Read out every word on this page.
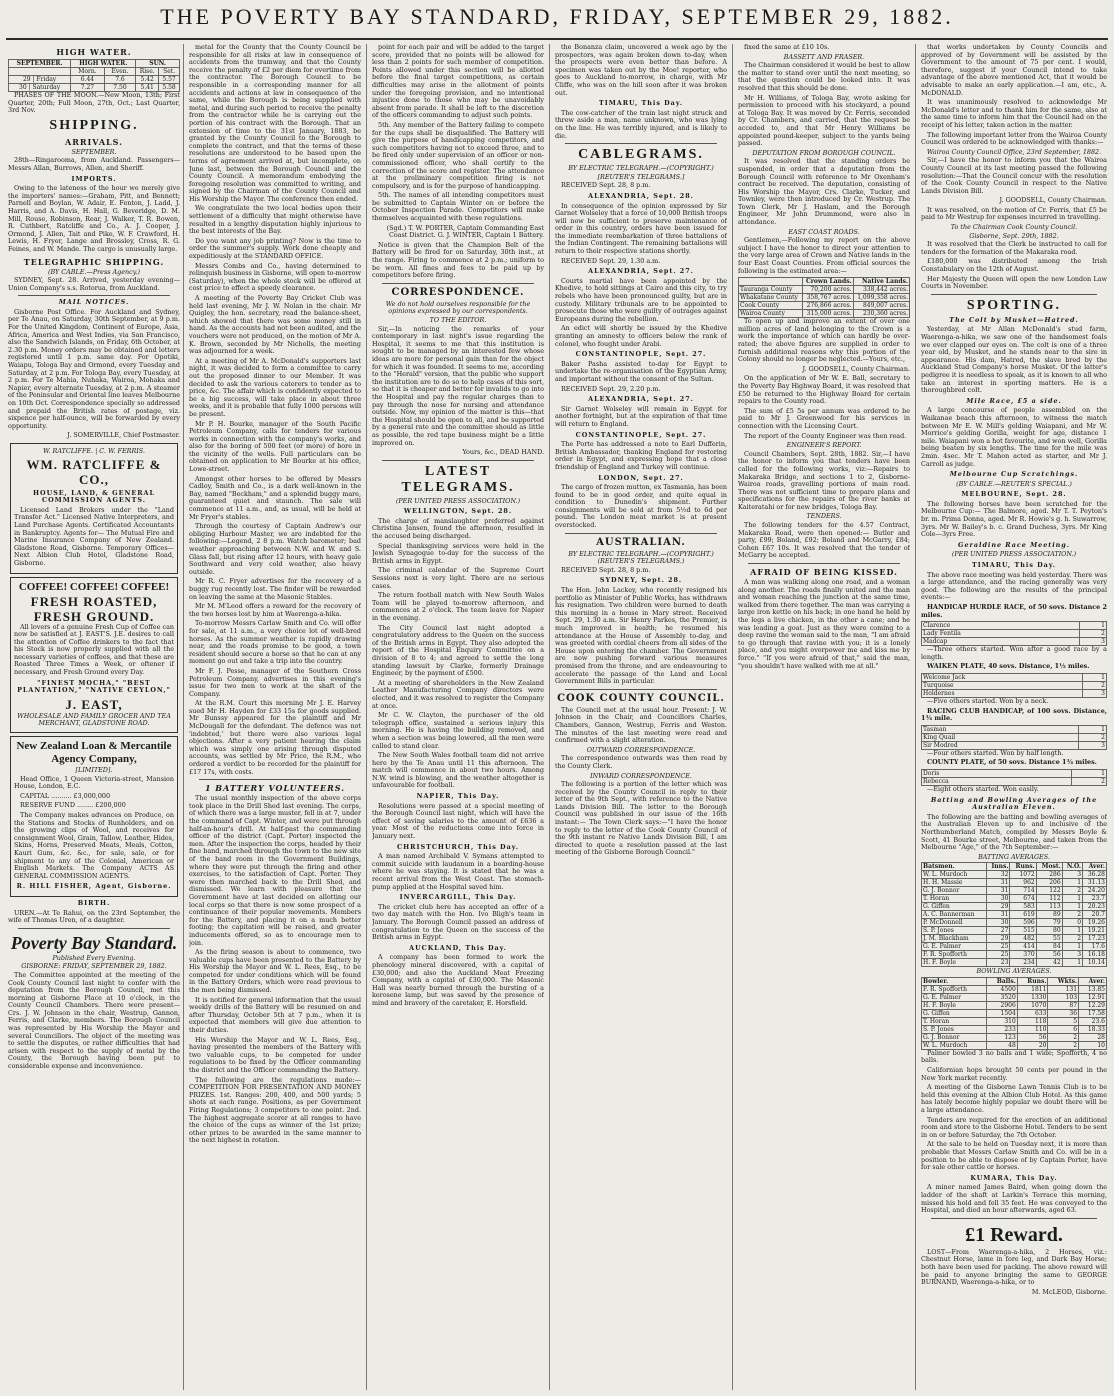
THE POVERTY BAY STANDARD, FRIDAY, SEPTEMBER 29, 1882.
HIGH WATER.
SEPTEMBER.	HIGH WATER.		SUN.	
	Morn.	Even.	Rise.	Set.
29 | Friday	6.44	7.6	5.42	5.57
30 | Saturday	7.27	7.50	5.41	5.58

PHASES OF THE MOON.—New Moon, 13th; First Quarter, 20th; Full Moon, 27th, Oct.; Last Quarter, 3rd Nov.

SHIPPING.
ARRIVALS.
SEPTEMBER.

28th—Ringarooma, from Auckland. Passengers—Messrs Allan, Burrows, Allen, and Sheriff.

IMPORTS.

Owing to the lateness of the hour we merely give the importers' names:—Graham, Pitt, and Bennett; Parnell and Boylan, W. Adair, E. Fenton, J. Ladd, J. Harris, and A. Davis, H. Hall, G. Beveridge, D. M. Mill, Rouse, Robinson, Rear, J. Walker, T. R. Bowen, R. Cuthbert, Ratcliffe and Co., A. J. Cooper, J. Ormond, J. Allen, Tait and Pike, W. F. Crawford, H. Lewis, H. Fryer, Lange and Brossley, Cross, R. G. Feines, and W. Mande. The cargo is unusually large.

TELEGRAPHIC SHIPPING.
(BY CABLE.—Press Agency.)

SYDNEY, Sept. 28. Arrived, yesterday evening—Union Company's s.s. Rotorua, from Auckland.

MAIL NOTICES.

Gisborne Post Office. For Auckland and Sydney, per Te Anau, on Saturday, 30th September, at 9 p.m. For the United Kingdom, Continent of Europe, Asia, Africa, America and West Indies, via San Francisco, also the Sandwich Islands, on Friday, 6th October, at 2.30 p.m. Money orders may be obtained and letters registered until 1 p.m. same day. For Opotiki, Waiapu, Tologa Bay and Ormond, every Tuesday and Saturday, at 2 p.m. For Tologa Bay, every Tuesday, at 2 p.m. For Te Mahia, Nuhaka, Wairoa, Mohaka and Napier, every alternate Tuesday, at 2 p.m. A steamer of the Peninsular and Oriental line leaves Melbourne on 10th Oct. Correspondence specially so addressed and prepaid the British rates of postage, viz. sixpence per half-ounce, will be forwarded by every opportunity.

J. SOMERVILLE, Chief Postmaster.

W. RATCLIFFE. | C. W. FERRIS.
WM. RATCLIFFE & CO.,
HOUSE, LAND, & GENERAL COMMISSION AGENTS.

Licensed Land Brokers under the "Land Transfer Act." Licensed Native Interpreters, and Land Purchase Agents. Certificated Accountants in Bankruptcy. Agents for— The Mutual Fire and Marine Insurance Company of New Zealand. Gladstone Road, Gisborne. Temporary Offices—Next Albion Club Hotel, Gladstone Road, Gisborne.

COFFEE! COFFEE! COFFEE!
FRESH ROASTED, FRESH GROUND.

All lovers of a genuine Fresh Cup of Coffee can now be satisfied at J. EAST'S. J.E. desires to call the attention of Coffee drinkers to the fact that his Stock is now properly supplied with all the necessary varieties of coffees, and that these are Roasted Three Times a Week, or oftener if necessary, and Fresh Ground every Day.

"FINEST MOCHA," "BEST PLANTATION," "NATIVE CEYLON,"
J. EAST,
WHOLESALE AND FAMILY GROCER AND TEA MERCHANT, GLADSTONE ROAD.
New Zealand Loan & Mercantile Agency Company,
[LIMITED].

Head Office, 1 Queen Victoria-street, Mansion House, London, E.C.

CAPITAL .......... £3,000,000

RESERVE FUND ........ £200,000

The Company makes advances on Produce, on the Stations and Stocks of Runholders, and on the growing clips of Wool, and receives for consignment Wool, Grain, Tallow, Leather, Hides, Skins, Horns, Preserved Meats, Meals, Cotton, Kauri Gum, &c. &c., for sale, sale, or for shipment to any of the Colonial, American or English Markets. The Company ACTS AS GENERAL COMMISSION AGENTS.

R. HILL FISHER, Agent, Gisborne.
BIRTH.

UREN.—At Te Rahui, on the 23rd September, the wife of Thomas Uren, of a daughter.

Poverty Bay Standard.
Published Every Evening.
GISBORNE: FRIDAY, SEPTEMBER 29, 1882.

The Committee appointed at the meeting of the Cook County Council last night to confer with the deputation from the Borough Council, met this morning at Gisborne Place at 10 o'clock, in the County Council Chambers. There were present—Crs. J. W. Johnson in the chair, Westrup, Gannon, Ferris, and Clarke, members. The Borough Council was represented by His Worship the Mayor and several Councillors. The object of the meeting was to settle the disputes, or rather difficulties that had arisen with respect to the supply of metal by the County, the Borough having been put to considerable expense and inconvenience.

metal for the County that the County Council be responsible for all risks at law in consequence of accidents from the tramway, and that the County receive the penalty of £2 per diem for overtime from the contractor. The Borough Council to be responsible in a corresponding manner for all accidents and actions at law in consequence of the same, while the Borough is being supplied with metal, and during such period to receive the penalty from the contractor while he is carrying out the portion of his contract with the Borough. That an extension of time to the 31st January, 1883, be granted by the County Council to the Borough to complete the contract, and that the terms of these resolutions are understood to be based upon the terms of agreement arrived at, but incomplete, on June last, between the Borough Council and the County Council. A memorandum embodying the foregoing resolution was committed to writing, and signed by the Chairman of the County Council and His Worship the Mayor. The conference then ended.

We congratulate the two local bodies upon their settlement of a difficulty that might otherwise have resulted in a lengthy disputation highly injurious to the best interests of the Bay.

Do you want any job printing? Now is the time to order the summer's supply. Work done cheaply and expeditiously at the STANDARD OFFICE.

Messrs Combs and Co., having determined to relinquish business in Gisborne, will open to-morrow (Saturday), when the whole stock will be offered at cost price to effect a speedy clearance.

A meeting of the Poverty Bay Cricket Club was held last evening, Mr J. W. Nolan in the chair. Mr Quigley, the hon. secretary, read the balance-sheet, which showed that there was some money still in hand. As the accounts had not been audited, and the vouchers were not produced, on the motion of Mr A. K. Brown, seconded by Mr Nicholls, the meeting was adjourned for a week.

At a meeting of Mr A. McDonald's supporters last night, it was decided to form a committee to carry out the proposed dinner to our Member. It was decided to ask the various caterers to tender as to price, &c. The affair which is confidently expected to be a big success, will take place in about three weeks, and it is probable that fully 1000 persons will be present.

Mr P. H. Bourke, manager of the South Pacific Petroleum Company, calls for tenders for various works in connection with the company's works, and also for the boring of 500 feet (or more) of bore in the vicinity of the wells. Full particulars can be obtained on application to Mr Bourke at his office, Lowe-street.

Amongst other horses to be offered by Messrs Cadley, Smith and Co., is a dark well-known in the Bay, named "Beckham," and a splendid buggy mare, guaranteed quiet and staunch. The sale will commence at 11 a.m., and, as usual, will be held at Mr Fryer's stables.

Through the courtesy of Captain Andrew's our obliging Harbour Master, we are indebted for the following:—Legend, 2 8 p.m. Watch barometer; bad weather approaching between N.W. and W. and S. Glass fall, but rising after 12 hours, with heavy gale Southward and very cold weather, also heavy outside.

Mr R. C. Fryer advertises for the recovery of a buggy rug recently lost. The finder will be rewarded on leaving the same at the Masonic Stables.

Mr M. M'Leod offers a reward for the recovery of the two horses lost by him at Waerenga-a-hika.

To-morrow Messrs Carlaw Smith and Co. will offer for sale, at 11 a.m., a very choice lot of well-bred horses. As the summer weather is rapidly drawing near, and the roads promise to be good, a town resident should secure a horse so that he can at any moment go out and take a trip into the country.

Mr F. J. Pesse, manager of the Southern Cross Petroleum Company, advertises in this evening's issue for two men to work at the shaft of the Company.

At the R.M. Court this morning Mr J. E. Harvey sued Mr H. Hayden for £33 15s for goods supplied. Mr Bunssy appeared for the plaintiff and Mr McDougall for the defendant. The defence was not 'indebted,' but there were also various legal objections. After a very patient hearing the claim which was simply one arising through disputed accounts, was settled by Mr Price, the R.M., who ordered a verdict to be recorded for the plaintiff for £17 17s, with costs.

1 BATTERY VOLUNTEERS.

The usual monthly inspection of the above corps took place in the Drill Shed last evening. The corps, of which there was a large muster, fell in at 7, under the command of Capt. Winter, and were put through half-an-hour's drill. At half-past the commanding officer of the district (Capt. Porter) inspected the men. After the inspection the corps, headed by their fine band, marched through the town to the new site of the band room in the Government Buildings, where they were put through the firing and other exercises, to the satisfaction of Capt. Porter. They were then marched back to the Drill Shed, and dismissed. We learn with pleasure that the Government have at last decided on allotting our local corps so that there is now some prospect of a continuance of their popular movements. Members for the Battery, and placing it on a much better footing; the capitation will be raised, and greater inducements offered, so as to encourage men to join.

As the firing season is about to commence, two valuable cups have been presented to the Battery by His Worship the Mayor and W. L. Rees, Esq., to be competed for under conditions which will be found in the Battery Orders, which were read previous to the men being dismissed.

It is notified for general information that the usual weekly drills of the Battery will be resumed on and after Thursday, October 5th at 7 p.m., when it is expected that members will give due attention to their duties.

His Worship the Mayor and W. L. Rees, Esq., having presented the members of the Battery with two valuable cups, to be competed for under regulations to be fixed by the Officer commanding the district and the Officer commanding the Battery.

The following are the regulations made:— COMPETITION FOR PRESENTATION AND MONEY PRIZES. 1st. Ranges: 200, 400, and 500 yards; 5 shots at each range. Positions, as per Government Firing Regulations; 3 competitors to one point. 2nd. The highest aggregate scorer at all ranges to have the choice of the cups as winner of the 1st prize; other prizes to be awarded in the same manner to the next highest in rotation.

point for each pair and will be added to the target score, provided that no points will be allowed for less than 2 points for such member of competition. Points allowed under this section will be allotted before the final target competitions, as certain difficulties may arise in the allotment of points under the foregoing provision, and no intentional injustice done to those who may be unavoidably absent from parade. It shall be left to the discretion of the officers commanding to adjust such points.

5th. Any member of the Battery failing to compete for the cups shall be disqualified. The Battery will give the purpose of handicapping competitors, and such competitors having not to exceed three, and to be fired only under supervision of an officer or non-commissioned officer, who shall certify to the correction of the score and register. The attendance at the preliminary competition firing is not compulsory, and is for the purpose of handicapping.

5th. The names of all intending competitors must be submitted to Captain Winter on or before the October Inspection Parade. Competitors will make themselves acquainted with these regulations.

(Sgd.) T. W. PORTER, Captain Commanding East Coast District. G. J. WINTER, Captain 1 Battery.

Notice is given that the Champion Belt of the Battery will be fired for on Saturday, 30th inst., at the range. Firing to commence at 2 p.m.; uniform to be worn. All fines and fees to be paid up by competitors before firing.

CORRESPONDENCE.
We do not hold ourselves responsible for the opinions expressed by our correspondents.
TO THE EDITOR.

Sir,—In noticing the remarks of your contemporary in last night's issue regarding the Hospital, it seems to me that this institution is sought to be managed by an interested few whose ideas are more for personal gain than for the object for which it was founded. It seems to me, according to the "Herald" version, that the public who support the institution are to do so to help cases of this sort, so that it is cheaper and better for invalids to go into the Hospital and pay the regular charges than to pay through the nose for nursing and attendance outside. Now, my opinion of the matter is this—that the Hospital should be open to all, and be supported by a general rate and the committee should as little as possible, the red tape business might be a little improved on.

Yours, &c., DEAD HAND.

LATEST TELEGRAMS.
(PER UNITED PRESS ASSOCIATION.)
WELLINGTON, Sept. 28.

The charge of manslaughter preferred against Christina Jansen, found the afternoon, resulted in the accused being discharged.

Special thanksgiving services were held in the Jewish Synagogue to-day for the success of the British arms in Egypt.

The criminal calendar of the Supreme Court Sessions next is very light. There are no serious cases.

The return football match with New South Wales Team will be played to-morrow afternoon, and commences at 2 o'clock. The team leave for Napier in the evening.

The City Council last night adopted a congratulatory address to the Queen on the success of the British arms in Egypt. They also adopted the report of the Hospital Enquiry Committee on a division of 8 to 4; and agreed to settle the long standing lawsuit by Clarke, formerly Drainage Engineer, by the payment of £500.

At a meeting of shareholders in the New Zealand Leather Manufacturing Company directors were elected, and it was resolved to register the Company at once.

Mr C. W. Clayton, the purchaser of the old telegraph office, sustained a serious injury this morning. He is having the building removed, and when a section was being lowered, all the men were called to stand clear.

The New South Wales football team did not arrive here by the Te Anau until 11 this afternoon. The match will commence in about two hours. Among N.W. wind is blowing, and the weather altogether is unfavourable for football.

NAPIER, This Day.

Resolutions were passed at a special meeting of the Borough Council last night, which will have the effect of saving salaries to the amount of £636 a year. Most of the reductions come into force in January next.

CHRISTCHURCH, This Day.

A man named Archibald V. Symans attempted to commit suicide with laudanum in a boarding-house where he was staying. It is stated that he was a recent arrival from the West Coast. The stomach-pump applied at the Hospital saved him.

INVERCARGILL, This Day.

The cricket club here has accepted an offer of a two day match with the Hon. Ivo Bligh's team in January. The Borough Council passed an address of congratulation to the Queen on the success of the British arms in Egypt.

AUCKLAND, This Day.

A company has been formed to work the phenology mineral discovered, with a capital of £30,000; and also the Auckland Meat Freezing Company, with a capital of £30,000. The Masonic Hall was nearly burned through the bursting of a kerosene lamp, but was saved by the presence of mind and bravery of the caretaker, E. Horsfield.

the Bonanza claim, uncovered a week ago by the prospectors, was again broken down to-day, when the prospects were even better than before. A specimen was taken out by the Moe! reporter, who goes to Auckland to-morrow, in charge, with Mr Cliffe, who was on the hill soon after it was broken out.

TIMARU, This Day.

The cow-catcher of the train last night struck and threw aside a man, name unknown, who was lying on the line. He was terribly injured, and is likely to die.

CABLEGRAMS.
BY ELECTRIC TELEGRAPH.—(COPYRIGHT.)
[REUTER'S TELEGRAMS.]

RECEIVED Sept. 28, 8 p.m.

ALEXANDRIA, Sept. 28.

In consequence of the opinion expressed by Sir Garnet Wolseley that a force of 10,000 British troops will now be sufficient to preserve maintenance of order in this country, orders have been issued for the immediate reembarkation of three battalions of the Indian Contingent. The remaining battalions will return to their respective stations shortly.

RECEIVED Sept. 29, 1.30 a.m.

ALEXANDRIA, Sept. 27.

Courts martial have been appointed by the Khedive, to hold sittings at Cairo and this city, to try rebels who have been pronounced guilty, but are in custody. Military tribunals are to be appointed to prosecute those who were guilty of outrages against Europeans during the rebellion.

An edict will shortly be issued by the Khedive granting an amnesty to officers below the rank of colonel, who fought under Arabi.

CONSTANTINOPLE, Sept. 27.

Baker Pasha assisted to-day for Egypt to undertake the re-organisation of the Egyptian Army, and important without the consent of the Sultan.

RECEIVED Sept. 29, 2.20 p.m.

ALEXANDRIA, Sept. 27.

Sir Garnet Wolseley will remain in Egypt for another fortnight, but at the expiration of that time will return to England.

CONSTANTINOPLE, Sept. 27.

The Porte has addressed a note to Earl Dufferin, British Ambassador, thanking England for restoring order in Egypt, and expressing hope that a close friendship of England and Turkey will continue.

LONDON, Sept. 27.

The cargo of frozen mutton, ex Tasmania, has been found to be in good order, and quite equal in condition to Dunedin's shipment. Further consignments will be sold at from 5½d to 6d per pound. The London meat market is at present overstocked.

AUSTRALIAN.
BY ELECTRIC TELEGRAPH.—(COPYRIGHT.) (REUTER'S TELEGRAMS.)

RECEIVED Sept. 28, 8 p.m.

SYDNEY, Sept. 28.

The Hon. John Lackey, who recently resigned his portfolio as Minister of Public Works, has withdrawn his resignation. Two children were burned to death this morning in a house in Mary street. Received Sept. 29, 1.30 a.m. Sir Henry Parkes, the Premier, is much improved in health; he resumed his attendance at the House of Assembly to-day, and was greeted with cordial cheers from all sides of the House upon entering the chamber. The Government are now pushing forward various measures promised from the throne, and are endeavouring to accelerate the passage of the Land and Local Government Bills in particular.

COOK COUNTY COUNCIL.

The Council met at the usual hour. Present: J. W. Johnson in the Chair, and Councillors Charles, Chambers, Gannon, Westrup, Ferris and Weston. The minutes of the last meeting were read and confirmed with a slight alteration.

OUTWARD CORRESPONDENCE.

The correspondence outwards was then read by the County Clerk.

INWARD CORRESPONDENCE.

The following is a portion of the letter which was received by the County Council in reply to their letter of the 9th Sept., with reference to the Native Lands Division Bill. The letter to the Borough Council was published in our issue of the 16th instant:— The Town Clerk says:—"I have the honor to reply to the letter of the Cook County Council of the 9th instant re Native Lands Division Bill, I am directed to quote a resolution passed at the last meeting of the Gisborne Borough Council."

fixed the same at £10 10s.

BASSETT AND FRASER.

The Chairman considered it would be best to allow the matter to stand over until the next meeting, so that the question could be looked into. It was resolved that this should be done.

Mr H. Williams, of Tologa Bay, wrote asking for permission to proceed with his stockyard, a pound at Tologa Bay. It was moved by Cr. Ferris, seconded by Cr. Chambers, and carried, that the request be acceded to, and that Mr Henry Williams be appointed pound-keeper, subject to the yards being passed.

DEPUTATION FROM BOROUGH COUNCIL.

It was resolved that the standing orders be suspended, in order that a deputation from the Borough Council with reference to Mr Oxenham's contract be received. The deputation, consisting of His Worship the Mayor, Crs. Clarke, Tucker, and Townley, were then introduced by Cr. Westrup. The Town Clerk, Mr J. Haslam, and the Borough Engineer, Mr John Drummond, were also in attendance.

EAST COAST ROADS.

Gentlemen,—Following my report on the above subject I have the honor to direct your attention to the very large area of Crown and Native lands in the four East Coast Counties. From official sources the following is the estimated area:—

	Crown Lands.	Native Lands.
Tauranga County	70,200 acres.	338,442 acres.
Whakatane County	358,767 acres.	1,099,358 acres.
Cook County	276,866 acres.	849,007 acres.
Wairoa County	315,000 acres.	230,360 acres.

To open up and improve an extent of over one million acres of land belonging to the Crown is a work the importance of which can hardly be over-rated; the above figures are supplied in order to furnish additional reasons why this portion of the Colony should no longer be neglected.—Yours, etc.,

J. GOODSELL, County Chairman.

On the application of Mr W. E. Ball, secretary to the Poverty Bay Highway Board, it was resolved that £50 be returned to the Highway Board for certain repairs to the County road.

The sum of £5 5s per annum was ordered to be paid to Mr J. Greenwood for his services in connection with the Licensing Court.

The report of the County Engineer was then read.

ENGINEER'S REPORT.

Council Chambers, Sept. 28th, 1882. Sir,—I have the honor to inform you that tenders have been called for the following works, viz:—Repairs to Makaraka Bridge, and sections 1 to 2, Gisborne-Wairoa roads, gravelling portions of main road. There was not sufficient time to prepare plans and specifications for the repairs of the river banks at Kaiteratahi or for new bridges, Tologa Bay.

TENDERS.

The following tenders for the 4.57 Contract, Makaraka Road, were then opened:— Butler and party, £99; Boland, £92; Boland and McGarry, £84; Cohen £67 10s. It was resolved that the tender of McGarry be accepted.

AFRAID OF BEING KISSED.

A man was walking along one road, and a woman along another. The roads finally united and the man and woman reaching the junction at the same time, walked from there together. The man was carrying a large iron kettle on his back; in one hand he held by the legs a live chicken, in the other a cane; and he was leading a goat. Just as they were coming to a deep ravine the woman said to the man, "I am afraid to go through that ravine with you; it is a lonely place, and you might overpower me and kiss me by force." "If you were afraid of that," said the man, "you shouldn't have walked with me at all."

that works undertaken by County Councils and approved of by Government will be assisted by the Government to the amount of 75 per cent. I would, therefore, suggest if your Council intend to take advantage of the above mentioned Act, that it would be advisable to make an early application.—I am, etc., A. McDONALD.

It was unanimously resolved to acknowledge Mr McDonald's letter and to thank him for the same, also at the same time to inform him that the Council had on the receipt of his letter, taken action in the matter.

The following important letter from the Wairoa County Council was ordered to be acknowledged with thanks:—

Wairoa County Council Office, 23rd September, 1882.

Sir,—I have the honor to inform you that the Wairoa County Council at its last meeting passed the following resolution:—That the Council concur with the resolution of the Cook County Council in respect to the Native Lands Division Bill.

J. GOODSELL, County Chairman.

It was resolved, on the motion of Cr. Ferris, that £5 be paid to Mr Westrup for expenses incurred in travelling.

To the Chairman Cook County Council.
Gisborne, Sept. 29th, 1882.

It was resolved that the Clerk be instructed to call for tenders for the formation of the Makaraka road.

£180,000 was distributed among the Irish Constabulary on the 12th of August.

Her Majesty the Queen will open the new London Law Courts in November.

SPORTING.
The Colt by Musket—Hatred.

Yesterday, at Mr Allan McDonald's stud farm, Waerenga-a-hika, we saw one of the handsomest foals we ever clapped our eyes on. The colt is one of a three year old, by Musket, and he stands near to the sire in appearance. His dam, Hatred, the slave bred by the Auckland Stud Company's horse Musket. Of the latter's pedigree it is needless to speak, as it is known to all who take an interest in sporting matters. He is a thoroughbred colt.

Mile Race, £5 a side.

A large concourse of people assembled on the Waikanae beach this afternoon, to witness the match between Mr E. W. Mill's gelding Waiapani, and Mr W. Morrice's gelding Gorilla, weight for age, distance 1 mile. Waiapani won a hot favourite, and won well, Gorilla being beaten by six lengths. The time for the mile was 2min. 4sec. Mr T. Mahon acted as starter, and Mr J. Carroll as judge.

Melbourne Cup Scratchings.
(BY CABLE.—REUTER'S SPECIAL.)
MELBOURNE, Sept. 28.

The following horses have been scratched for the Melbourne Cup:— The Balmore, aged. Mr T. T. Peyton's br. m. Prima Donna, aged. Mr R. Howie's g. h. Suwarrow, 3yrs. Mr W. Bailey's b. c. Grand Duchess, 3yrs. Mr King Cole—3yrs Free.

Geraldine Race Meeting.
(PER UNITED PRESS ASSOCIATION.)
TIMARU, This Day.

The above race meeting was held yesterday. There was a large attendance, and the racing generally was very good. The following are the results of the principal events:—

HANDICAP HURDLE RACE, of 50 sovs. Distance 2 miles.

Clarence	1
Lady Fentila	2
Madcap	3

—Three others started. Won after a good race by a length.

WAIKEN PLATE, 40 sovs. Distance, 1½ miles.

Welcome Jack	1
Turquoise	2
Holdernes	3

—Five others started. Won by a neck.

RACING CLUB HANDICAP, of 100 sovs. Distance, 1¾ mile.

Tasman	1
King Quail	2
Sir Modred	3

—Four others started. Won by half length.

COUNTY PLATE, of 50 sovs. Distance 1¾ miles.

Doris	1
Rebecca	2

—Eight others started. Won easily.

Batting and Bowling Averages of the Australian Eleven.

The following are the batting and bowling averages of the Australian Eleven up to and inclusive of the Northumberland Match, compiled by Messrs Boyle & Scott, 41 Bourke street, Melbourne, and taken from the Melbourne "Age," of the 7th September:—

BATTING AVERAGES.
Batsmen.	Inns.	Runs.	Most.	N.O.	Aver.
W. L. Murdoch	32	1072	286	3	36.28
H. H. Massie	31	962	206	1	31.13
G. J. Bonnor	31	714	122	2	24.20
T. Horan	30	674	112	1	23.7
G. Giffen	29	583	113	1	20.23
A. C. Bannerman	31	619	89	2	20.7
P. McDonnell	30	596	79	0	19.26
S. P. Jones	27	515	80	1	19.21
J. M. Blackham	29	482	55	2	17.23
G. E. Palmer	25	414	84	1	17.6
F. R. Spofforth	25	370	56	3	16.18
H. F. Boyle	23	234	42	1	10.14
BOWLING AVERAGES.
Bowler.	Balls.	Runs.	Wkts.	Aver.
F. R. Spofforth	4500	1811	131	13.85
G. E. Palmer	3520	1330	103	12.91
H. F. Boyle	2906	1070	87	12.29
G. Giffen	1504	633	36	17.58
T. Horan	310	118	5	23.6
S. P. Jones	233	110	6	18.33
G. J. Bonnor	123	56	2	28
W. L. Murdoch	48	20	2	10

Palmer bowled 3 no balls and 1 wide; Spofforth, 4 no balls.

Californian hops brought 50 cents per pound in the New York market recently.

A meeting of the Gisborne Lawn Tennis Club is to be held this evening at the Albion Club Hotel. As this game has lately become highly popular we doubt there will be a large attendance.

Tenders are required for the erection of an additional room and store to the Gisborne Hotel. Tenders to be sent in on or before Saturday, the 7th October.

At the sale to be held on Tuesday next, it is more than probable that Messrs Carlaw Smith and Co. will be in a position to be able to dispose of by Captain Porter, have for sale other cattle or horses.

KUMARA, This Day.

A miner named James Baird, when going down the ladder of the shaft at Larkin's Terrace this morning, missed his hold and fell 35 feet. He was conveyed to the Hospital, and died an hour afterwards, aged 63.

£1 Reward.

LOST—From Waerenga-a-hika, 2 Horses, viz.: Chestnut Horse, lame in fore leg, and Dark Bay Horse; both have been used for packing. The above reward will be paid to anyone bringing the same to GEORGE BURNAND, Waerenga-a-hika, or to

M. McLEOD, Gisborne.
